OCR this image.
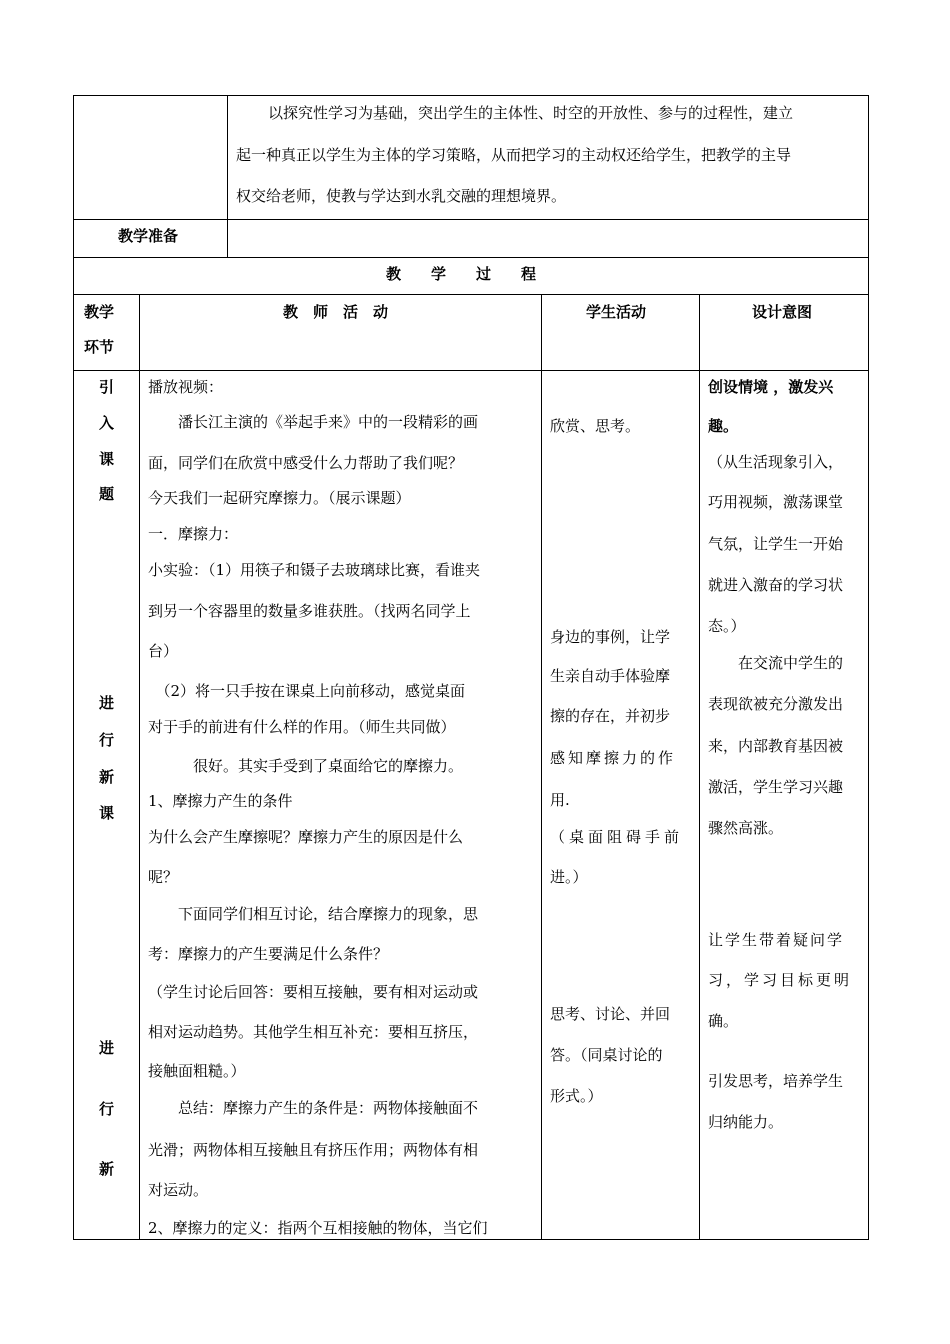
以探究性学习为基础，突出学生的主体性、时空的开放性、参与的过程性，建立
起一种真正以学生为主体的学习策略，从而把学习的主动权还给学生，把教学的主导
权交给老师，使教与学达到水乳交融的理想境界。
教学准备
教　　学　　过　　程
教学
环节
教　师　活　动	学生活动	设计意图
引
入
课
题
进
行
新
课
进
行
新
播放视频：
　　潘长江主演的《举起手来》中的一段精彩的画
面，同学们在欣赏中感受什么力帮助了我们呢？
今天我们一起研究摩擦力。（展示课题）
一．摩擦力：
小实验：（1）用筷子和镊子去玻璃球比赛，看谁夹
到另一个容器里的数量多谁获胜。（找两名同学上
台）
　（2）将一只手按在课桌上向前移动，感觉桌面
对于手的前进有什么样的作用。（师生共同做）
　　　很好。其实手受到了桌面给它的摩擦力。
1、摩擦力产生的条件
为什么会产生摩擦呢？摩擦力产生的原因是什么
呢？
　　下面同学们相互讨论，结合摩擦力的现象，思
考：摩擦力的产生要满足什么条件？
（学生讨论后回答：要相互接触，要有相对运动或
相对运动趋势。其他学生相互补充：要相互挤压，
接触面粗糙。）
　　总结：摩擦力产生的条件是：两物体接触面不
光滑；两物体相互接触且有挤压作用；两物体有相
对运动。
2、摩擦力的定义：指两个互相接触的物体，当它们
欣赏、思考。
身边的事例，让学
生亲自动手体验摩
擦的存在，并初步
感知摩擦力的作
用.
（桌面阻碍手前
进。）
思考、讨论、并回
答。（同桌讨论的
形式。）
创设情境 ，激发兴
趣。
（从生活现象引入，
巧用视频，激荡课堂
气氛，让学生一开始
就进入激奋的学习状
态。）
　　在交流中学生的
表现欲被充分激发出
来，内部教育基因被
激活，学生学习兴趣
骤然高涨。
让学生带着疑问学
习，学习目标更明
确。
引发思考，培养学生
归纳能力。
